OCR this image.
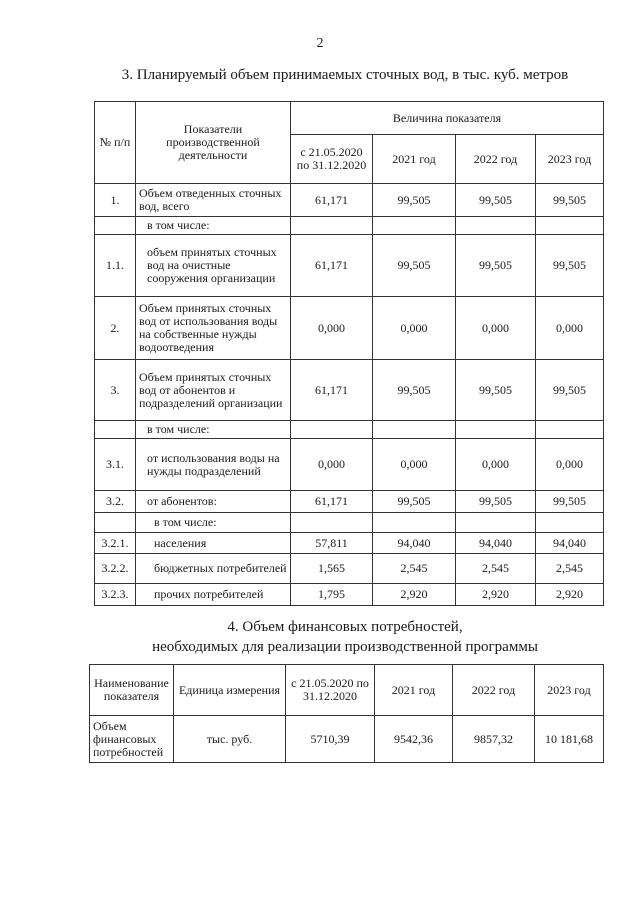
2
3. Планируемый объем принимаемых сточных вод, в тыс. куб. метров
№ п/п	Показатели производственной деятельности	Величина показателя			
		с 21.05.2020 по 31.12.2020	2021 год	2022 год	2023 год
1.	Объем отведенных сточных вод, всего	61,171	99,505	99,505	99,505
	в том числе:				
1.1.	объем принятых сточных вод на очистные сооружения организации	61,171	99,505	99,505	99,505
2.	Объем принятых сточных вод от использования воды на собственные нужды водоотведения	0,000	0,000	0,000	0,000
3.	Объем принятых сточных вод от абонентов и подразделений организации	61,171	99,505	99,505	99,505
	в том числе:				
3.1.	от использования воды на нужды подразделений	0,000	0,000	0,000	0,000
3.2.	от абонентов:	61,171	99,505	99,505	99,505
	в том числе:				
3.2.1.	населения	57,811	94,040	94,040	94,040
3.2.2.	бюджетных потребителей	1,565	2,545	2,545	2,545
3.2.3.	прочих потребителей	1,795	2,920	2,920	2,920
4. Объем финансовых потребностей,
необходимых для реализации производственной программы
Наименование показателя	Единица измерения	с 21.05.2020 по 31.12.2020	2021 год	2022 год	2023 год
Объем финансовых потребностей	тыс. руб.	5710,39	9542,36	9857,32	10 181,68
